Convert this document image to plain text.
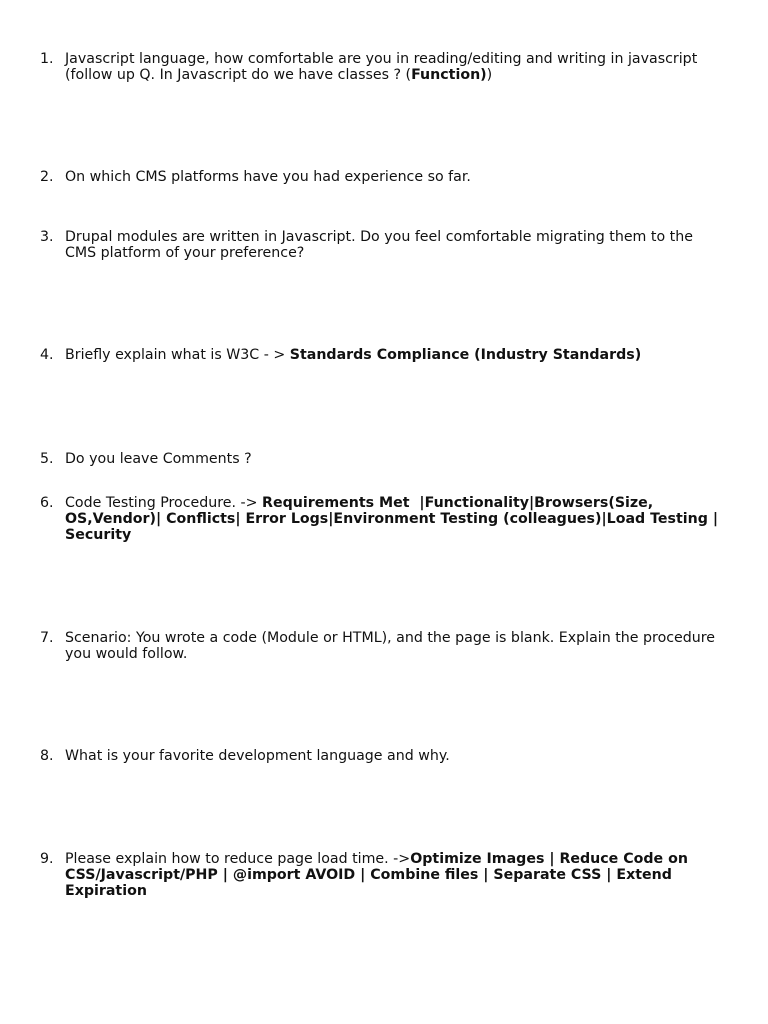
1. Javascript language, how comfortable are you in reading/editing and writing in javascript (follow up Q. In Javascript do we have classes ? (Function))
2. On which CMS platforms have you had experience so far.
3. Drupal modules are written in Javascript. Do you feel comfortable migrating them to the CMS platform of your preference?
4. Briefly explain what is W3C - > Standards Compliance (Industry Standards)
5. Do you leave Comments ?
6. Code Testing Procedure. -> Requirements Met  |Functionality|Browsers(Size, OS,Vendor)| Conflicts| Error Logs|Environment Testing (colleagues)|Load Testing | Security
7. Scenario: You wrote a code (Module or HTML), and the page is blank. Explain the procedure you would follow.
8. What is your favorite development language and why.
9. Please explain how to reduce page load time. ->Optimize Images | Reduce Code on CSS/Javascript/PHP | @import AVOID | Combine files | Separate CSS | Extend Expiration
